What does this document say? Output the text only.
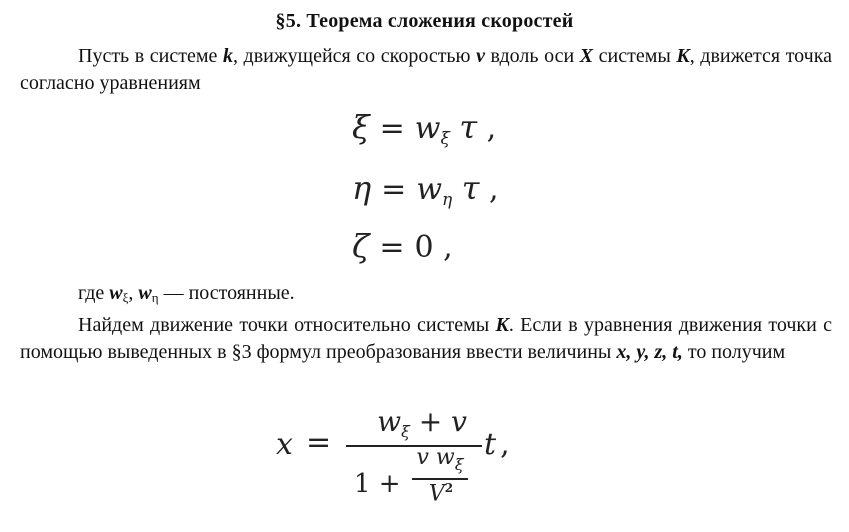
§5. Теорема сложения скоростей
Пусть в системе k, движущейся со скоростью v вдоль оси X системы K, движется точка согласно уравнениям
$\xi = w_\xi$ τ ,
$\eta = w_\eta$ τ ,
ζ = 0 ,
где $w_\xi$, $w_\eta$ — постоянные.
Найдем движение точки относительно системы K. Если в уравнения движения точки с помощью выведенных в §3 формул преобразования ввести величины x, y, z, t, то получим
x =
$w_\xi + v$
1 +
v $w_\xi$
$V^2$
t ,
